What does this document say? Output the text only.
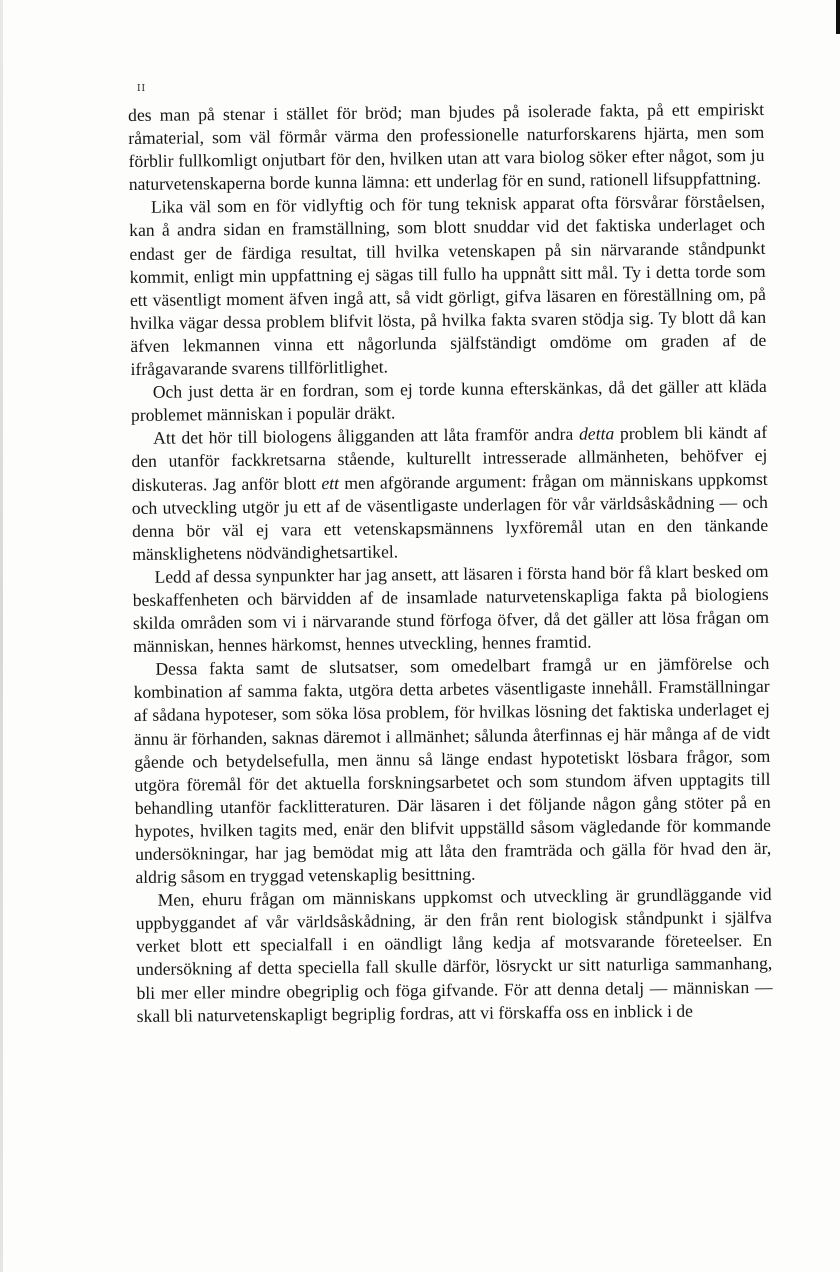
II

des man på stenar i stället för bröd; man bjudes på isolerade fakta, på ett empiriskt råmaterial, som väl förmår värma den professionelle naturforskarens hjärta, men som förblir fullkomligt onjutbart för den, hvilken utan att vara biolog söker efter något, som ju naturvetenskaperna borde kunna lämna: ett underlag för en sund, rationell lifsuppfattning.

Lika väl som en för vidlyftig och för tung teknisk apparat ofta försvårar förståelsen, kan å andra sidan en framställning, som blott snuddar vid det faktiska underlaget och endast ger de färdiga resultat, till hvilka vetenskapen på sin närvarande ståndpunkt kommit, enligt min uppfattning ej sägas till fullo ha uppnått sitt mål. Ty i detta torde som ett väsentligt moment äfven ingå att, så vidt görligt, gifva läsaren en föreställning om, på hvilka vägar dessa problem blifvit lösta, på hvilka fakta svaren stödja sig. Ty blott då kan äfven lekmannen vinna ett någorlunda själfständigt omdöme om graden af de ifrågavarande svarens tillförlitlighet.

Och just detta är en fordran, som ej torde kunna efterskänkas, då det gäller att kläda problemet människan i populär dräkt.

Att det hör till biologens åligganden att låta framför andra detta problem bli kändt af den utanför fackkretsarna stående, kulturellt intresserade allmänheten, behöfver ej diskuteras. Jag anför blott ett men afgörande argument: frågan om människans uppkomst och utveckling utgör ju ett af de väsentligaste underlagen för vår världsåskådning — och denna bör väl ej vara ett vetenskapsmännens lyxföremål utan en den tänkande mänsklighetens nödvändighetsartikel.

Ledd af dessa synpunkter har jag ansett, att läsaren i första hand bör få klart besked om beskaffenheten och bärvidden af de insamlade naturvetenskapliga fakta på biologiens skilda områden som vi i närvarande stund förfoga öfver, då det gäller att lösa frågan om människan, hennes härkomst, hennes utveckling, hennes framtid.

Dessa fakta samt de slutsatser, som omedelbart framgå ur en jämförelse och kombination af samma fakta, utgöra detta arbetes väsentligaste innehåll. Framställningar af sådana hypoteser, som söka lösa problem, för hvilkas lösning det faktiska underlaget ej ännu är förhanden, saknas däremot i allmänhet; sålunda återfinnas ej här många af de vidt gående och betydelsefulla, men ännu så länge endast hypotetiskt lösbara frågor, som utgöra föremål för det aktuella forskningsarbetet och som stundom äfven upptagits till behandling utanför facklitteraturen. Där läsaren i det följande någon gång stöter på en hypotes, hvilken tagits med, enär den blifvit uppställd såsom vägledande för kommande undersökningar, har jag bemödat mig att låta den framträda och gälla för hvad den är, aldrig såsom en tryggad vetenskaplig besittning.

Men, ehuru frågan om människans uppkomst och utveckling är grundläggande vid uppbyggandet af vår världsåskådning, är den från rent biologisk ståndpunkt i själfva verket blott ett specialfall i en oändligt lång kedja af motsvarande företeelser. En undersökning af detta speciella fall skulle därför, lösryckt ur sitt naturliga sammanhang, bli mer eller mindre obegriplig och föga gifvande. För att denna detalj — människan — skall bli naturvetenskapligt begriplig fordras, att vi förskaffa oss en inblick i de
